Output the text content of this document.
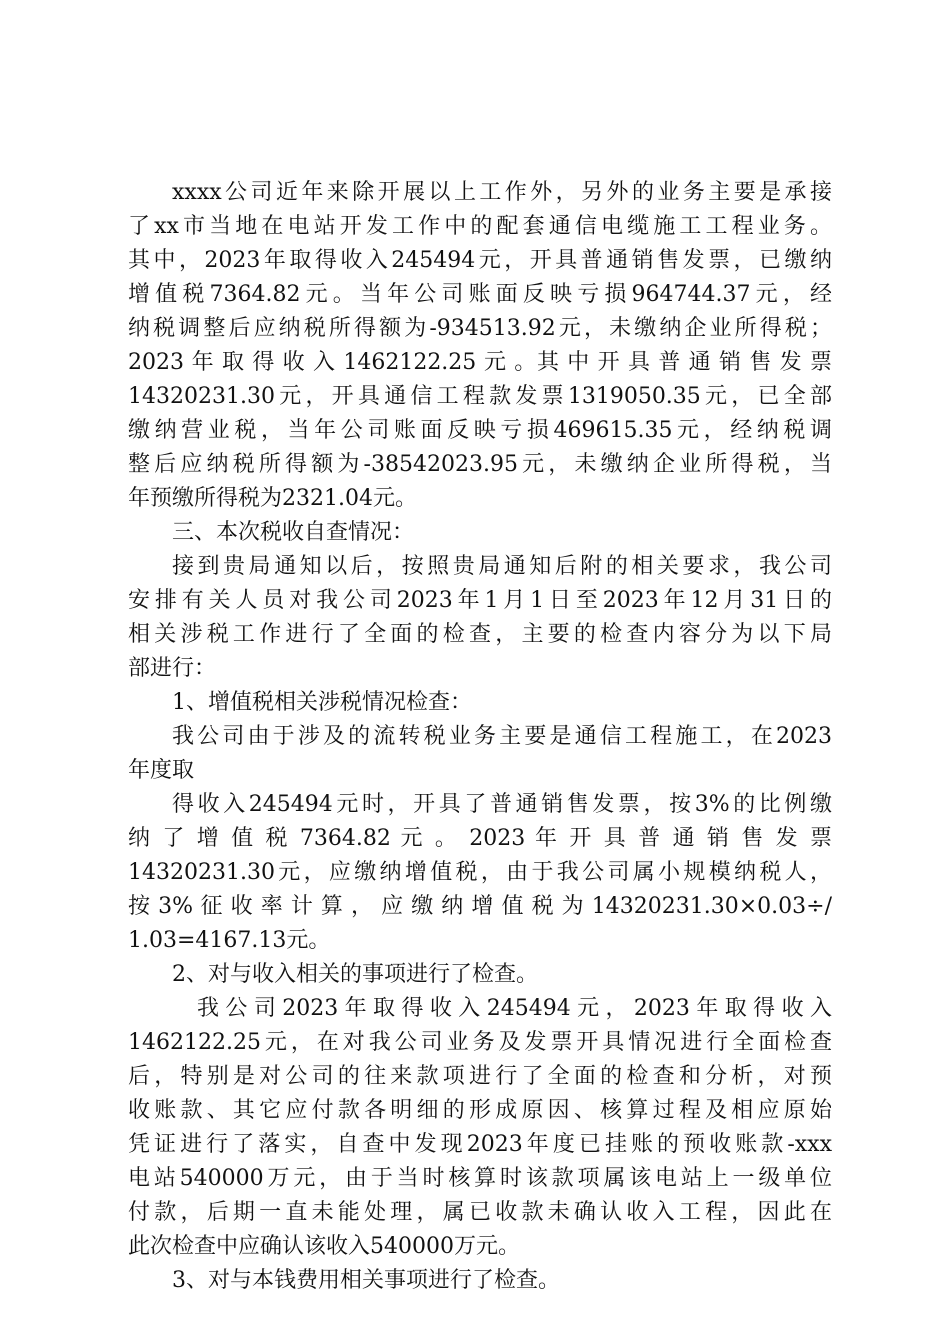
xxxx公司近年来除开展以上工作外，另外的业务主要是承接
了xx市当地在电站开发工作中的配套通信电缆施工工程业务。
其中，2023年取得收入245494元，开具普通销售发票，已缴纳
增值税7364.82元。当年公司账面反映亏损964744.37元，经
纳税调整后应纳税所得额为-934513.92元，未缴纳企业所得税；
2023 年 取 得 收 入 1462122.25 元 。其 中 开 具 普 通 销 售 发 票
14320231.30元，开具通信工程款发票1319050.35元，已全部
缴纳营业税，当年公司账面反映亏损469615.35元，经纳税调
整后应纳税所得额为-38542023.95元，未缴纳企业所得税，当
年预缴所得税为2321.04元。
三、本次税收自查情况：
接到贵局通知以后，按照贵局通知后附的相关要求，我公司
安排有关人员对我公司2023年1月1日至2023年12月31日的
相关涉税工作进行了全面的检查，主要的检查内容分为以下局
部进行：
1、增值税相关涉税情况检查：
我公司由于涉及的流转税业务主要是通信工程施工，在2023
年度取
得收入245494元时，开具了普通销售发票，按3%的比例缴
纳 了 增 值 税 7364.82 元 。 2023 年 开 具 普 通 销 售 发 票
14320231.30元，应缴纳增值税，由于我公司属小规模纳税人，
按 3% 征 收 率 计 算 ， 应 缴 纳 增 值 税 为 14320231.30×0.03÷/
1.03=4167.13元。
2、对与收入相关的事项进行了检查。
我公司2023年取得收入245494元，2023年取得收入
1462122.25元，在对我公司业务及发票开具情况进行全面检查
后，特别是对公司的往来款项进行了全面的检查和分析，对预
收账款、其它应付款各明细的形成原因、核算过程及相应原始
凭证进行了落实，自查中发现2023年度已挂账的预收账款-xxx
电站540000万元，由于当时核算时该款项属该电站上一级单位
付款，后期一直未能处理，属已收款未确认收入工程，因此在
此次检查中应确认该收入540000万元。
3、对与本钱费用相关事项进行了检查。
